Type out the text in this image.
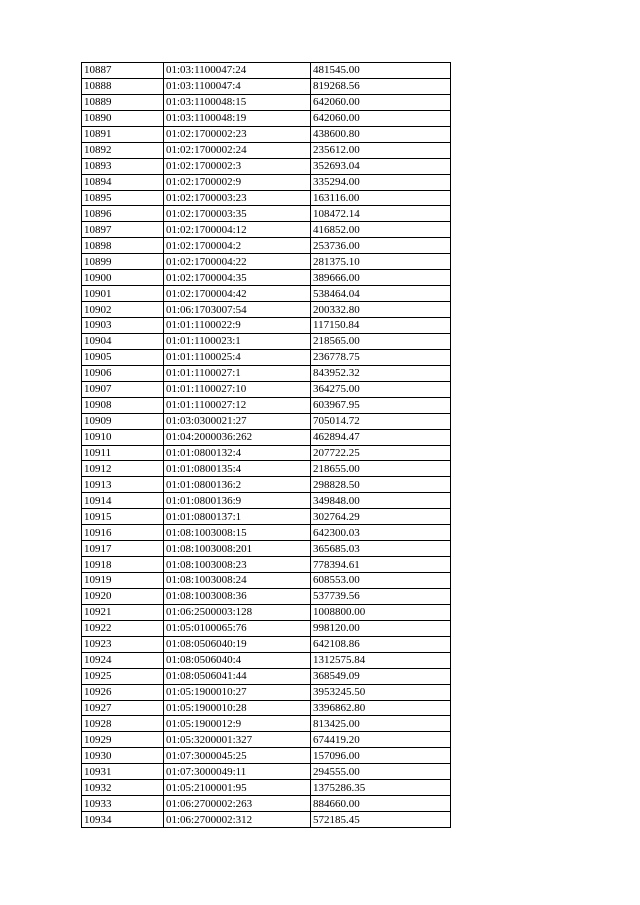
10887	01:03:1100047:24	481545.00
10888	01:03:1100047:4	819268.56
10889	01:03:1100048:15	642060.00
10890	01:03:1100048:19	642060.00
10891	01:02:1700002:23	438600.80
10892	01:02:1700002:24	235612.00
10893	01:02:1700002:3	352693.04
10894	01:02:1700002:9	335294.00
10895	01:02:1700003:23	163116.00
10896	01:02:1700003:35	108472.14
10897	01:02:1700004:12	416852.00
10898	01:02:1700004:2	253736.00
10899	01:02:1700004:22	281375.10
10900	01:02:1700004:35	389666.00
10901	01:02:1700004:42	538464.04
10902	01:06:1703007:54	200332.80
10903	01:01:1100022:9	117150.84
10904	01:01:1100023:1	218565.00
10905	01:01:1100025:4	236778.75
10906	01:01:1100027:1	843952.32
10907	01:01:1100027:10	364275.00
10908	01:01:1100027:12	603967.95
10909	01:03:0300021:27	705014.72
10910	01:04:2000036:262	462894.47
10911	01:01:0800132:4	207722.25
10912	01:01:0800135:4	218655.00
10913	01:01:0800136:2	298828.50
10914	01:01:0800136:9	349848.00
10915	01:01:0800137:1	302764.29
10916	01:08:1003008:15	642300.03
10917	01:08:1003008:201	365685.03
10918	01:08:1003008:23	778394.61
10919	01:08:1003008:24	608553.00
10920	01:08:1003008:36	537739.56
10921	01:06:2500003:128	1008800.00
10922	01:05:0100065:76	998120.00
10923	01:08:0506040:19	642108.86
10924	01:08:0506040:4	1312575.84
10925	01:08:0506041:44	368549.09
10926	01:05:1900010:27	3953245.50
10927	01:05:1900010:28	3396862.80
10928	01:05:1900012:9	813425.00
10929	01:05:3200001:327	674419.20
10930	01:07:3000045:25	157096.00
10931	01:07:3000049:11	294555.00
10932	01:05:2100001:95	1375286.35
10933	01:06:2700002:263	884660.00
10934	01:06:2700002:312	572185.45
